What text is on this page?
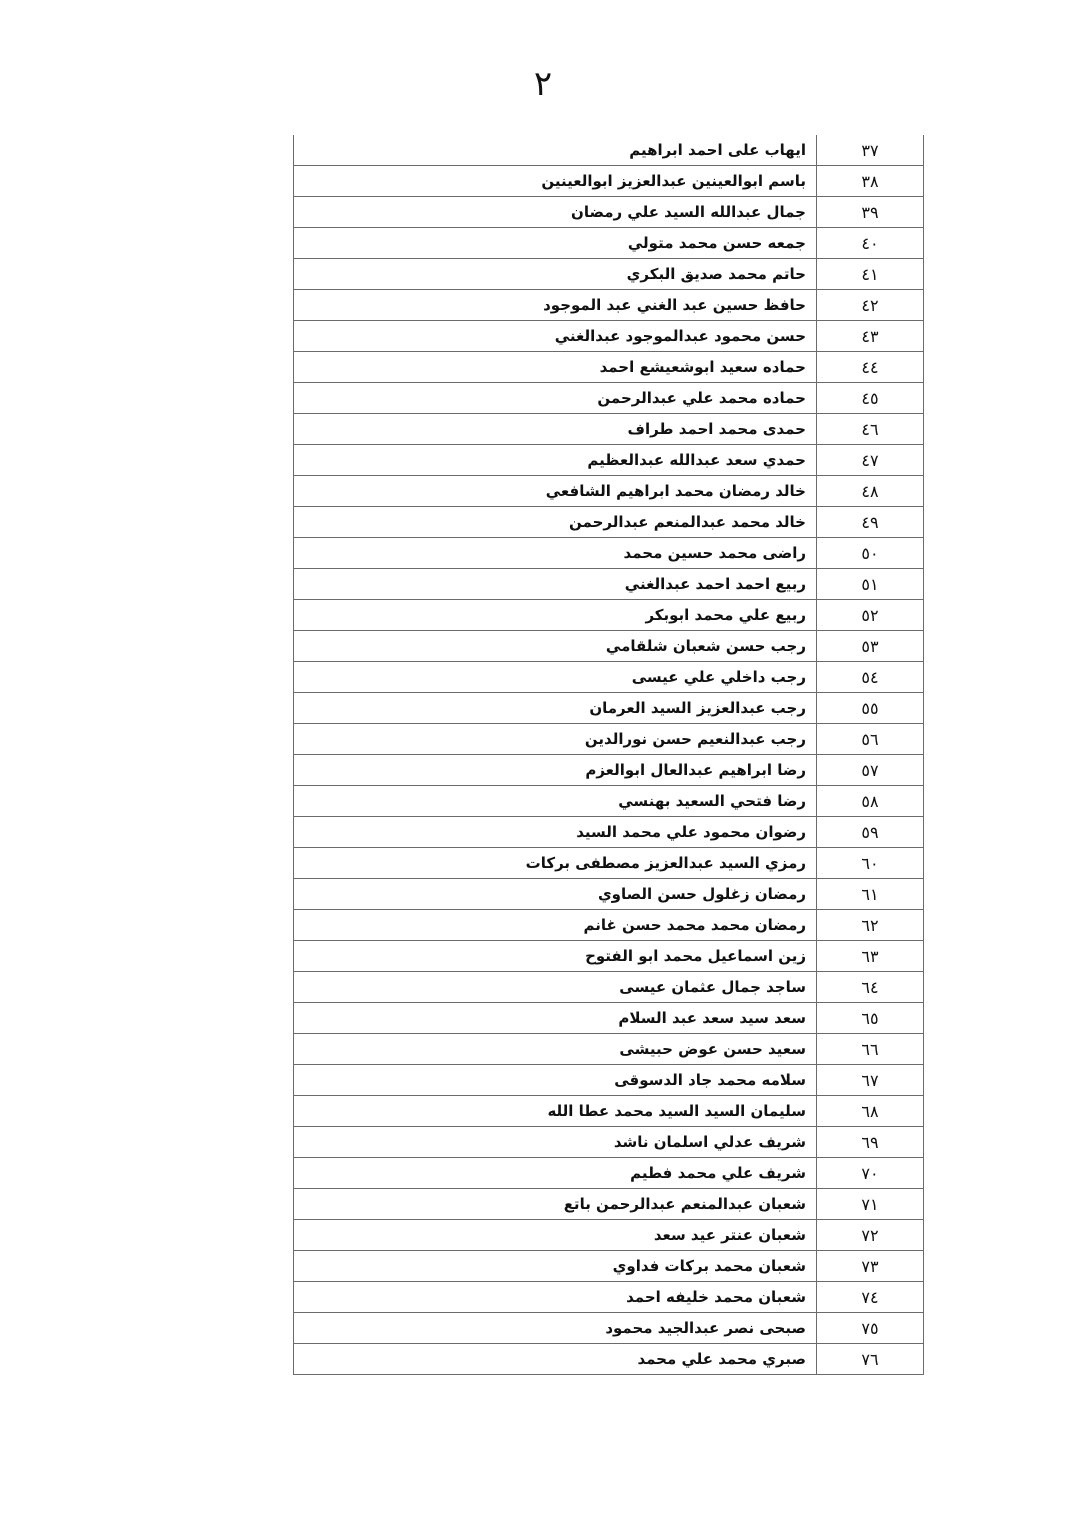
٢
٣٧	ايهاب على احمد ابراهيم
٣٨	باسم ابوالعينين عبدالعزيز ابوالعينين
٣٩	جمال عبدالله السيد علي رمضان
٤٠	جمعه حسن محمد متولي
٤١	حاتم محمد صديق البكري
٤٢	حافظ حسين عبد الغني عبد الموجود
٤٣	حسن محمود عبدالموجود عبدالغني
٤٤	حماده سعيد ابوشعيشع احمد
٤٥	حماده محمد علي عبدالرحمن
٤٦	حمدى محمد احمد طراف
٤٧	حمدي سعد عبدالله عبدالعظيم
٤٨	خالد رمضان محمد ابراهيم الشافعي
٤٩	خالد محمد عبدالمنعم عبدالرحمن
٥٠	راضى محمد حسين محمد
٥١	ربيع احمد احمد عبدالغني
٥٢	ربيع علي محمد ابوبكر
٥٣	رجب حسن شعبان شلقامي
٥٤	رجب داخلي علي عيسى
٥٥	رجب عبدالعزيز السيد العرمان
٥٦	رجب عبدالنعيم حسن نورالدين
٥٧	رضا ابراهيم عبدالعال ابوالعزم
٥٨	رضا فتحي السعيد بهنسي
٥٩	رضوان محمود علي محمد السيد
٦٠	رمزي السيد عبدالعزيز مصطفى بركات
٦١	رمضان زغلول حسن الصاوي
٦٢	رمضان محمد محمد حسن غانم
٦٣	زين اسماعيل محمد ابو الفتوح
٦٤	ساجد جمال عثمان عيسى
٦٥	سعد سيد سعد عبد السلام
٦٦	سعيد حسن عوض حبيشى
٦٧	سلامه محمد جاد الدسوقى
٦٨	سليمان السيد السيد محمد عطا الله
٦٩	شريف عدلي اسلمان ناشد
٧٠	شريف علي محمد فطيم
٧١	شعبان عبدالمنعم عبدالرحمن باتع
٧٢	شعبان عنتر عيد سعد
٧٣	شعبان محمد بركات فداوي
٧٤	شعبان محمد خليفه احمد
٧٥	صبحى نصر عبدالجيد محمود
٧٦	صبري محمد علي محمد
